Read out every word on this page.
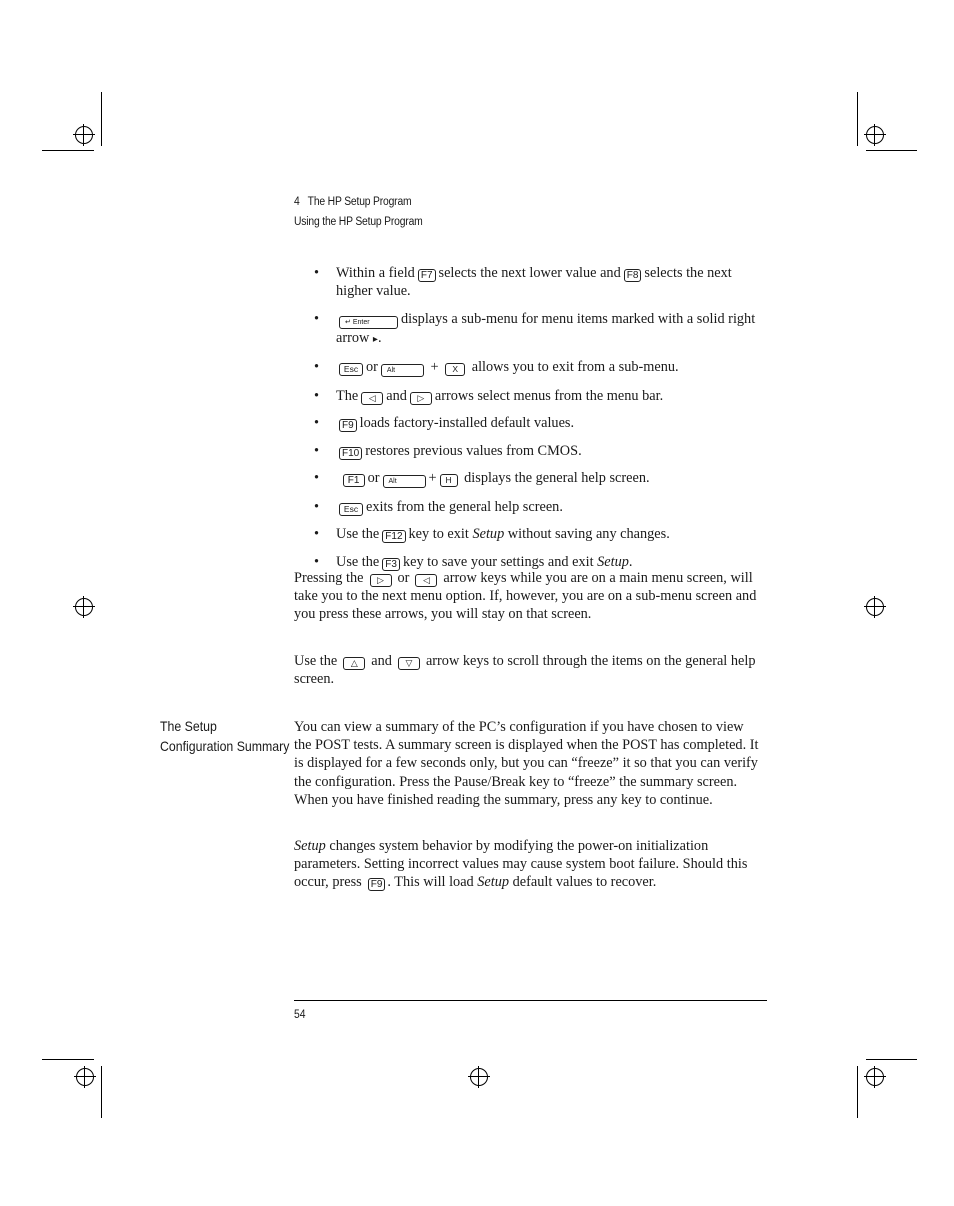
4 The HP Setup Program
Using the HP Setup Program
• Within a field F7 selects the next lower value and F8 selects the next higher value.
• ↵ Enter displays a sub-menu for menu items marked with a solid right arrow ▸.
• Esc or Alt + X allows you to exit from a sub-menu.
• The ◁ and ▷ arrows select menus from the menu bar.
• F9 loads factory-installed default values.
• F10 restores previous values from CMOS.
• F1 or Alt + H displays the general help screen.
• Esc exits from the general help screen.
• Use the F12 key to exit Setup without saving any changes.
• Use the F3 key to save your settings and exit Setup.

Pressing the ▷ or ◁ arrow keys while you are on a main menu screen, will take you to the next menu option. If, however, you are on a sub-menu screen and you press these arrows, you will stay on that screen.

Use the △ and ▽ arrow keys to scroll through the items on the general help screen.

The Setup
Configuration Summary

You can view a summary of the PC’s configuration if you have chosen to view the POST tests. A summary screen is displayed when the POST has completed. It is displayed for a few seconds only, but you can “freeze” it so that you can verify the configuration. Press the Pause/Break key to “freeze” the summary screen. When you have finished reading the summary, press any key to continue.

Setup changes system behavior by modifying the power-on initialization parameters. Setting incorrect values may cause system boot failure. Should this occur, press F9 . This will load Setup default values to recover.

54
